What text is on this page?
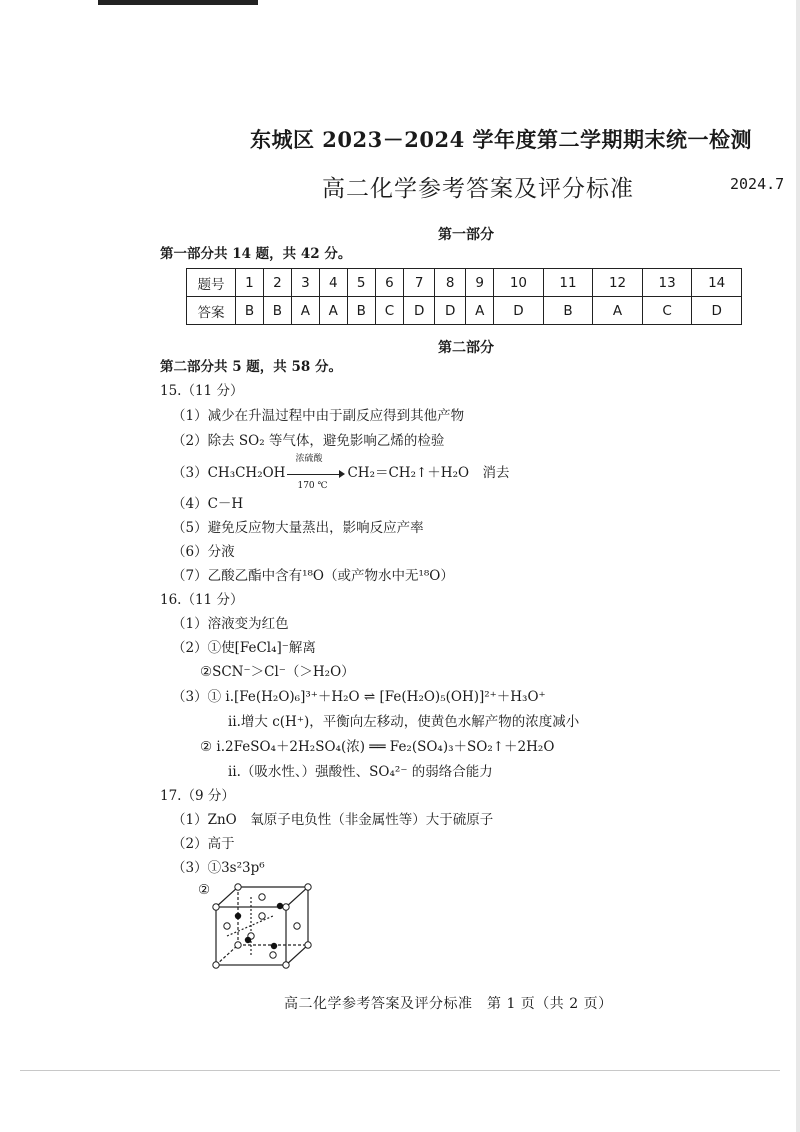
东城区 2023－2024 学年度第二学期期末统一检测
高二化学参考答案及评分标准	2024.7
第一部分
第一部分共 14 题，共 42 分。
题号	1	2	3	4	5	6	7	8	9	10	11	12	13	14
答案	B	B	A	A	B	C	D	D	A	D	B	A	C	D
第二部分
第二部分共 5 题，共 58 分。
15.（11 分）
（1）减少在升温过程中由于副反应得到其他产物
（2）除去 SO₂ 等气体，避免影响乙烯的检验
（3）CH₃CH₂OH
浓硫酸
170 ℃
CH₂＝CH₂↑＋H₂O　消去
（4）C－H
（5）避免反应物大量蒸出，影响反应产率
（6）分液
（7）乙酸乙酯中含有¹⁸O（或产物水中无¹⁸O）
16.（11 分）
（1）溶液变为红色
（2）①使[FeCl₄]⁻解离
②SCN⁻＞Cl⁻（＞H₂O）
（3）① ⅰ.[Fe(H₂O)₆]³⁺＋H₂O ⇌ [Fe(H₂O)₅(OH)]²⁺＋H₃O⁺
ⅱ.增大 c(H⁺)，平衡向左移动，使黄色水解产物的浓度减小
② ⅰ.2FeSO₄＋2H₂SO₄(浓) ══ Fe₂(SO₄)₃＋SO₂↑＋2H₂O
ⅱ.（吸水性、）强酸性、SO₄²⁻ 的弱络合能力
17.（9 分）
（1）ZnO　氧原子电负性（非金属性等）大于硫原子
（2）高于
（3）①3s²3p⁶
②
高二化学参考答案及评分标准　第 1 页（共 2 页）
